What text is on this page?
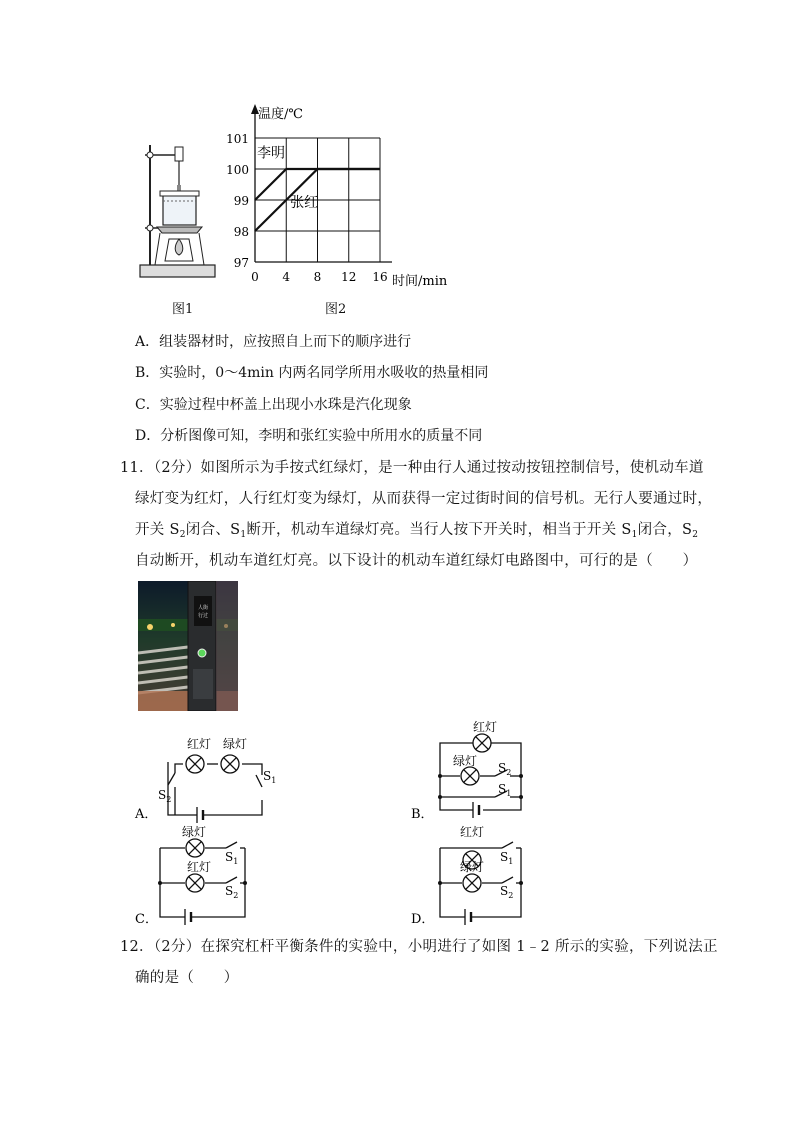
图1
0 4 8 12 16
97
98
99
100
101
温度/℃
时间/min
李明
张红
图2
A．组装器材时，应按照自上而下的顺序进行
B．实验时，0～4min 内两名同学所用水吸收的热量相同
C．实验过程中杯盖上出现小水珠是汽化现象
D．分析图像可知，李明和张红实验中所用水的质量不同
11．（2分）如图所示为手按式红绿灯，是一种由行人通过按动按钮控制信号，使机动车道
绿灯变为红灯，人行红灯变为绿灯，从而获得一定过街时间的信号机。无行人要通过时，
开关 $S_2$闭合、$S_1$断开，机动车道绿灯亮。当行人按下开关时，相当于开关 $S_1$闭合，$S_2$
自动断开，机动车道红灯亮。以下设计的机动车道红绿灯电路图中，可行的是（　　）
人街
行过
红灯 绿灯
$S_1$
$S_2$
A．
红灯
绿灯 $S_2$
$S_1$
B．
绿灯
红灯
$S_1$
$S_2$
C．
红灯
绿灯
$S_1$
$S_2$
D．
12．（2分）在探究杠杆平衡条件的实验中，小明进行了如图 1﹣2 所示的实验，下列说法正
确的是（　　）
